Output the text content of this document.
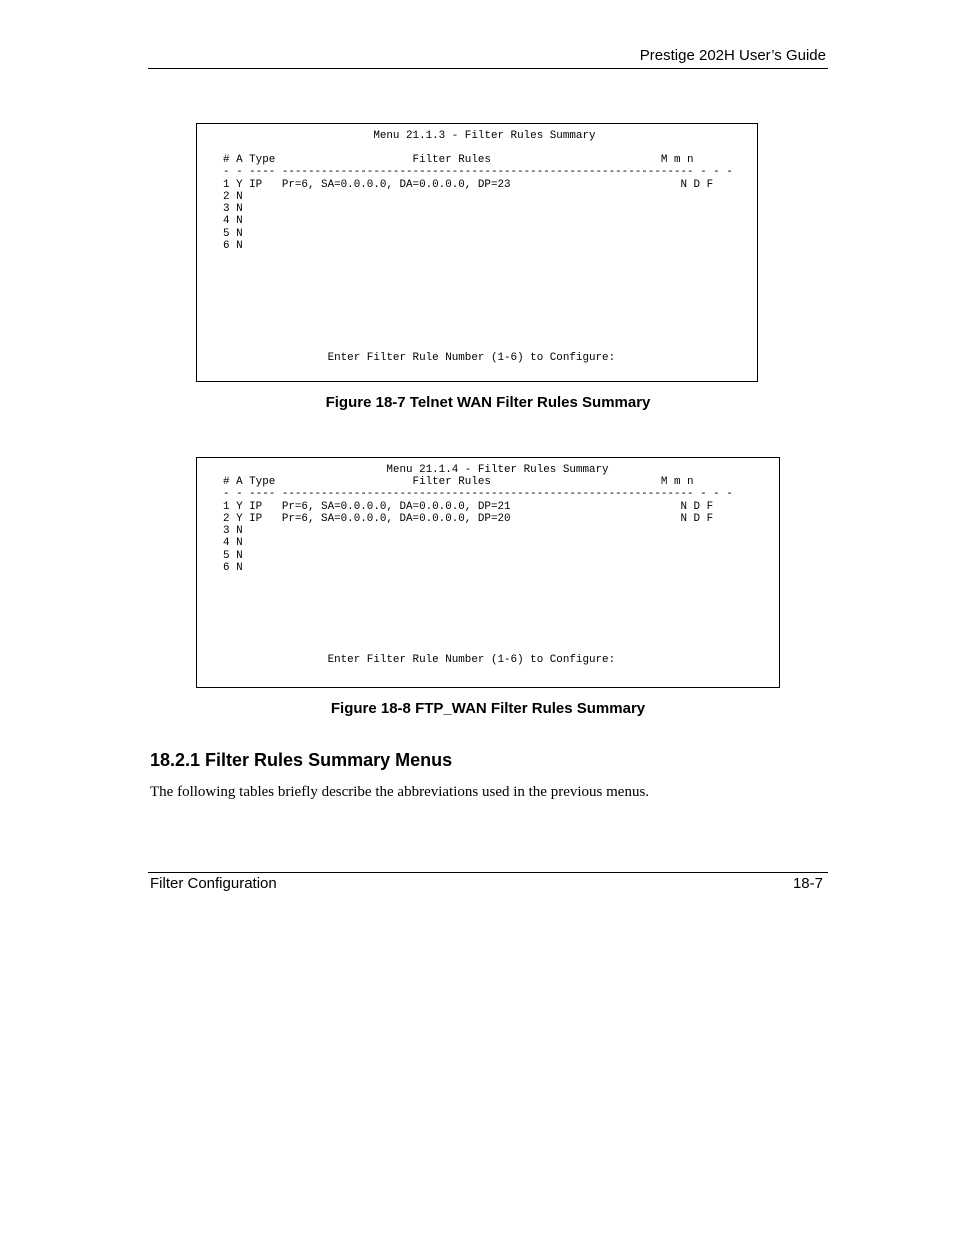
Prestige 202H User’s Guide
Menu 21.1.3 - Filter Rules Summary
# A Type                     Filter Rules                          M m n
- - ---- --------------------------------------------------------------- - - -
1 Y IP   Pr=6, SA=0.0.0.0, DA=0.0.0.0, DP=23                          N D F
2 N
3 N
4 N
5 N
6 N
Enter Filter Rule Number (1-6) to Configure:
Figure 18-7 Telnet WAN Filter Rules Summary
Menu 21.1.4 - Filter Rules Summary
# A Type                     Filter Rules                          M m n
- - ---- --------------------------------------------------------------- - - -
1 Y IP   Pr=6, SA=0.0.0.0, DA=0.0.0.0, DP=21                          N D F
2 Y IP   Pr=6, SA=0.0.0.0, DA=0.0.0.0, DP=20                          N D F
3 N
4 N
5 N
6 N
Enter Filter Rule Number (1-6) to Configure:
Figure 18-8 FTP_WAN Filter Rules Summary
18.2.1 Filter Rules Summary Menus
The following tables briefly describe the abbreviations used in the previous menus.
Filter Configuration	18-7
